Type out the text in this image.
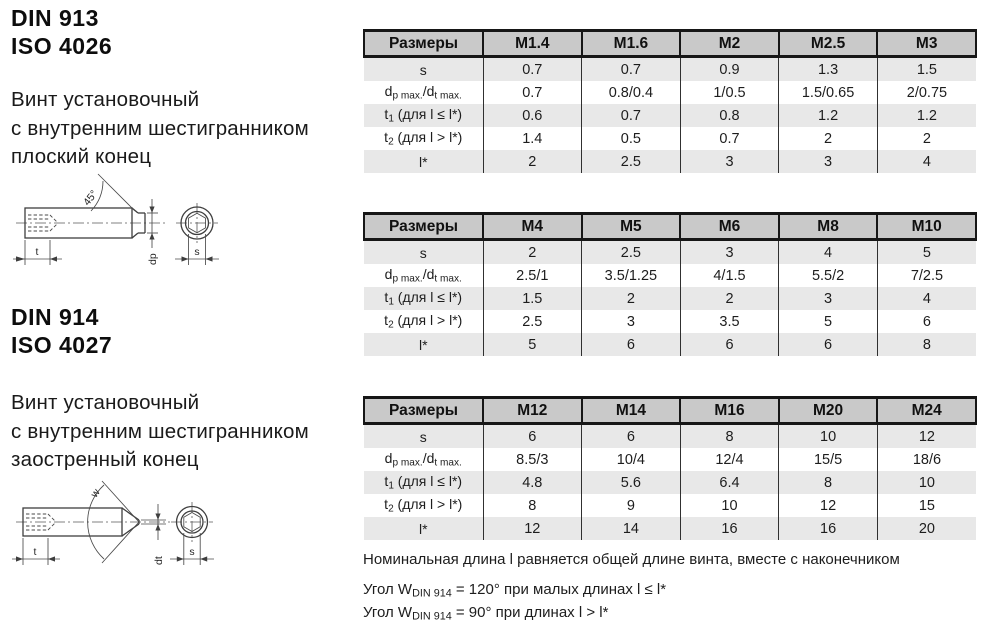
DIN 913
ISO 4026
Винт установочный
с внутренним шестигранником
плоский конец
45°
t
dp
s
DIN 914
ISO 4027
Винт установочный
с внутренним шестигранником
заостренный конец
w
t
dt
s
Размеры	M1.4	M1.6	M2	M2.5	M3
s	0.7	0.7	0.9	1.3	1.5
$d_{p max.}/d_{t max.}$	0.7	0.8/0.4	1/0.5	1.5/0.65	2/0.75
$t_1$ (для l ≤ l*)	0.6	0.7	0.8	1.2	1.2
$t_2$ (для l > l*)	1.4	0.5	0.7	2	2
l*	2	2.5	3	3	4
Размеры	M4	M5	M6	M8	M10
s	2	2.5	3	4	5
$d_{p max.}/d_{t max.}$	2.5/1	3.5/1.25	4/1.5	5.5/2	7/2.5
$t_1$ (для l ≤ l*)	1.5	2	2	3	4
$t_2$ (для l > l*)	2.5	3	3.5	5	6
l*	5	6	6	6	8
Размеры	M12	M14	M16	M20	M24
s	6	6	8	10	12
$d_{p max.}/d_{t max.}$	8.5/3	10/4	12/4	15/5	18/6
$t_1$ (для l ≤ l*)	4.8	5.6	6.4	8	10
$t_2$ (для l > l*)	8	9	10	12	15
l*	12	14	16	16	20

Номинальная длина l равняется общей длине винта, вместе с наконечником

Угол $W_{DIN 914} = 120^\circ$ при малых длинах l ≤ l*

Угол $W_{DIN 914} = 90^\circ$ при длинах l > l*
